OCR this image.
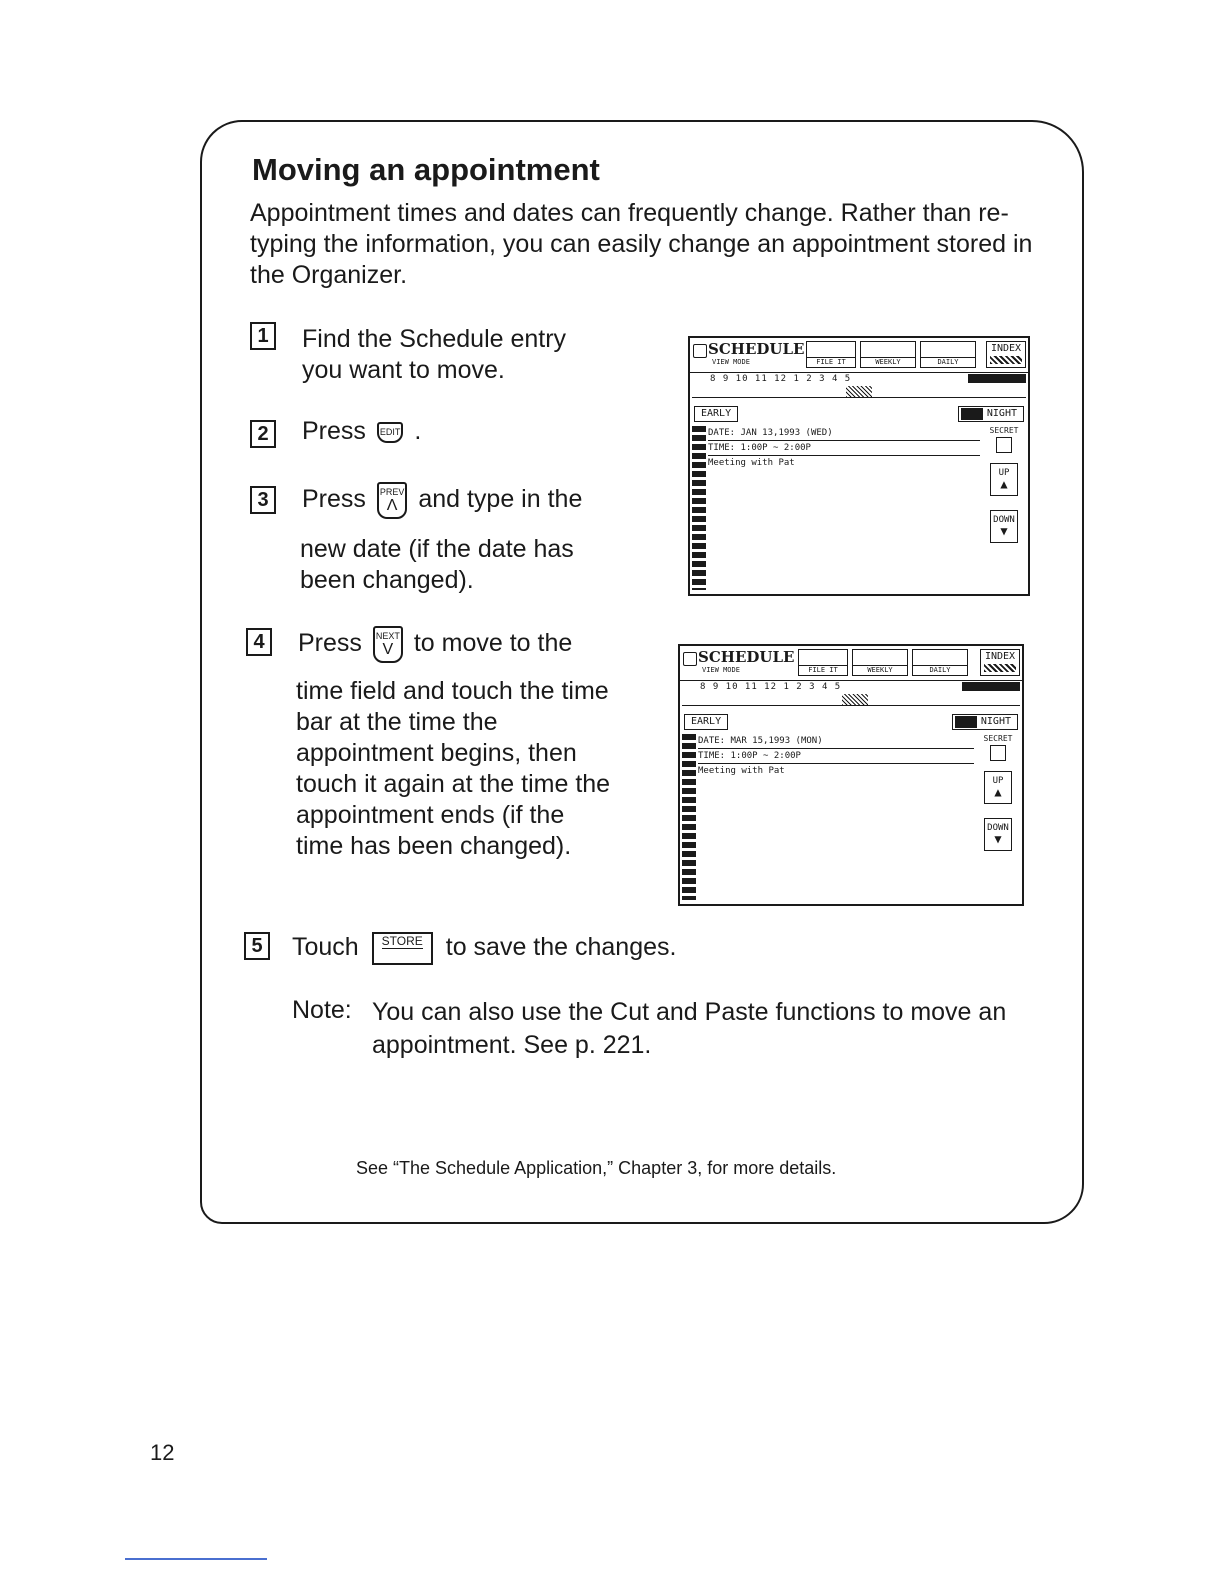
Moving an appointment

Appointment times and dates can frequently change. Rather than re-typing the information, you can easily change an appointment stored in the Organizer.

1 Find the Schedule entry you want to move.

2 Press EDIT .

3 Press PREV
Λ and type in the

new date (if the date has been changed).

4 Press NEXT
V to move to the

time field and touch the time bar at the time the appointment begins, then touch it again at the time the appointment ends (if the time has been changed).

5 Touch STORE to save the changes.

Note: You can also use the Cut and Paste functions to move an appointment. See p. 221.

See “The Schedule Application,” Chapter 3, for more details.
12
SCHEDULE
VIEW MODE	FILE IT	WEEKLY	DAILY
INDEX
8 9 10 11 12 1 2 3 4 5
EARLY	NIGHT
DATE: JAN 13,1993 (WED)
TIME: 1:00P ~ 2:00P
Meeting with Pat
SECRET
UP
▲
DOWN
▼
SCHEDULE
VIEW MODE	FILE IT	WEEKLY	DAILY
INDEX
8 9 10 11 12 1 2 3 4 5
EARLY	NIGHT
DATE: MAR 15,1993 (MON)
TIME: 1:00P ~ 2:00P
Meeting with Pat
SECRET
UP
▲
DOWN
▼
